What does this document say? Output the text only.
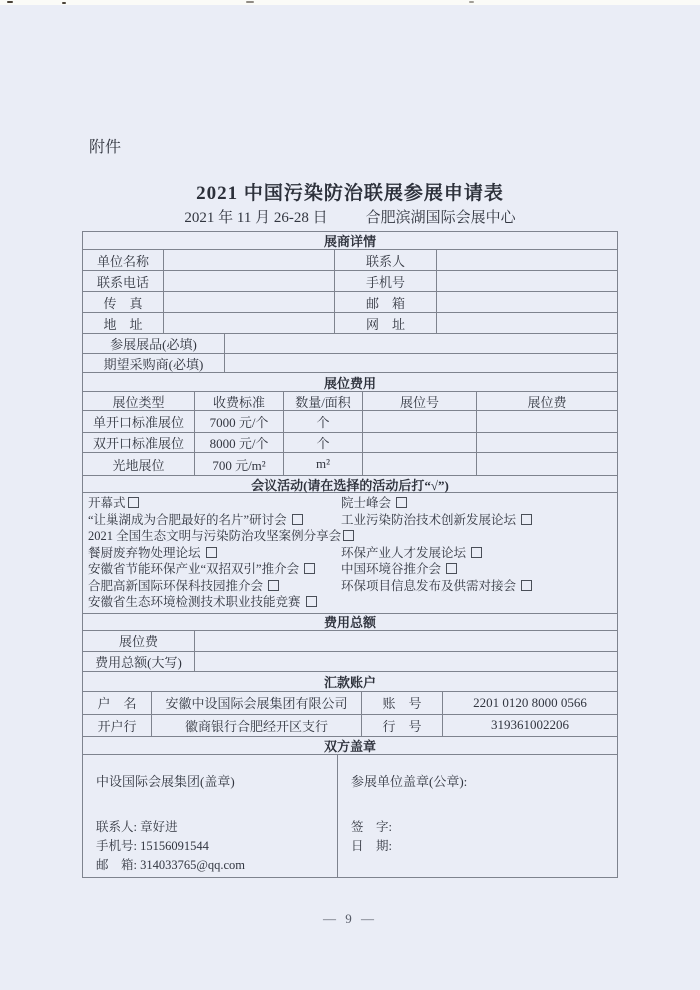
附件
2021 中国污染防治联展参展申请表
2021 年 11 月 26-28 日	合肥滨湖国际会展中心
展商详情
单位名称	联系人
联系电话	手机号
传　真	邮　箱
地　址	网　址
参展展品(必填)
期望采购商(必填)
展位费用
展位类型	收费标准	数量/面积	展位号	展位费
单开口标准展位	7000 元/个	个
双开口标准展位	8000 元/个	个
光地展位	700 元/m²	m²
会议活动(请在选择的活动后打“√”)
开幕式	院士峰会
“让巢湖成为合肥最好的名片”研讨会	工业污染防治技术创新发展论坛
2021 全国生态文明与污染防治攻坚案例分享会
餐厨废弃物处理论坛	环保产业人才发展论坛
安徽省节能环保产业“双招双引”推介会	中国环境谷推介会
合肥高新国际环保科技园推介会	环保项目信息发布及供需对接会
安徽省生态环境检测技术职业技能竞赛
费用总额
展位费
费用总额(大写)
汇款账户
户　名	安徽中设国际会展集团有限公司	账　号	2201 0120 8000 0566
开户行	徽商银行合肥经开区支行	行　号	319361002206
双方盖章
中设国际会展集团(盖章)
联系人: 章好进
手机号: 15156091544
邮　箱: 314033765@qq.com
参展单位盖章(公章):
签　字:
日　期:
— 9 —
